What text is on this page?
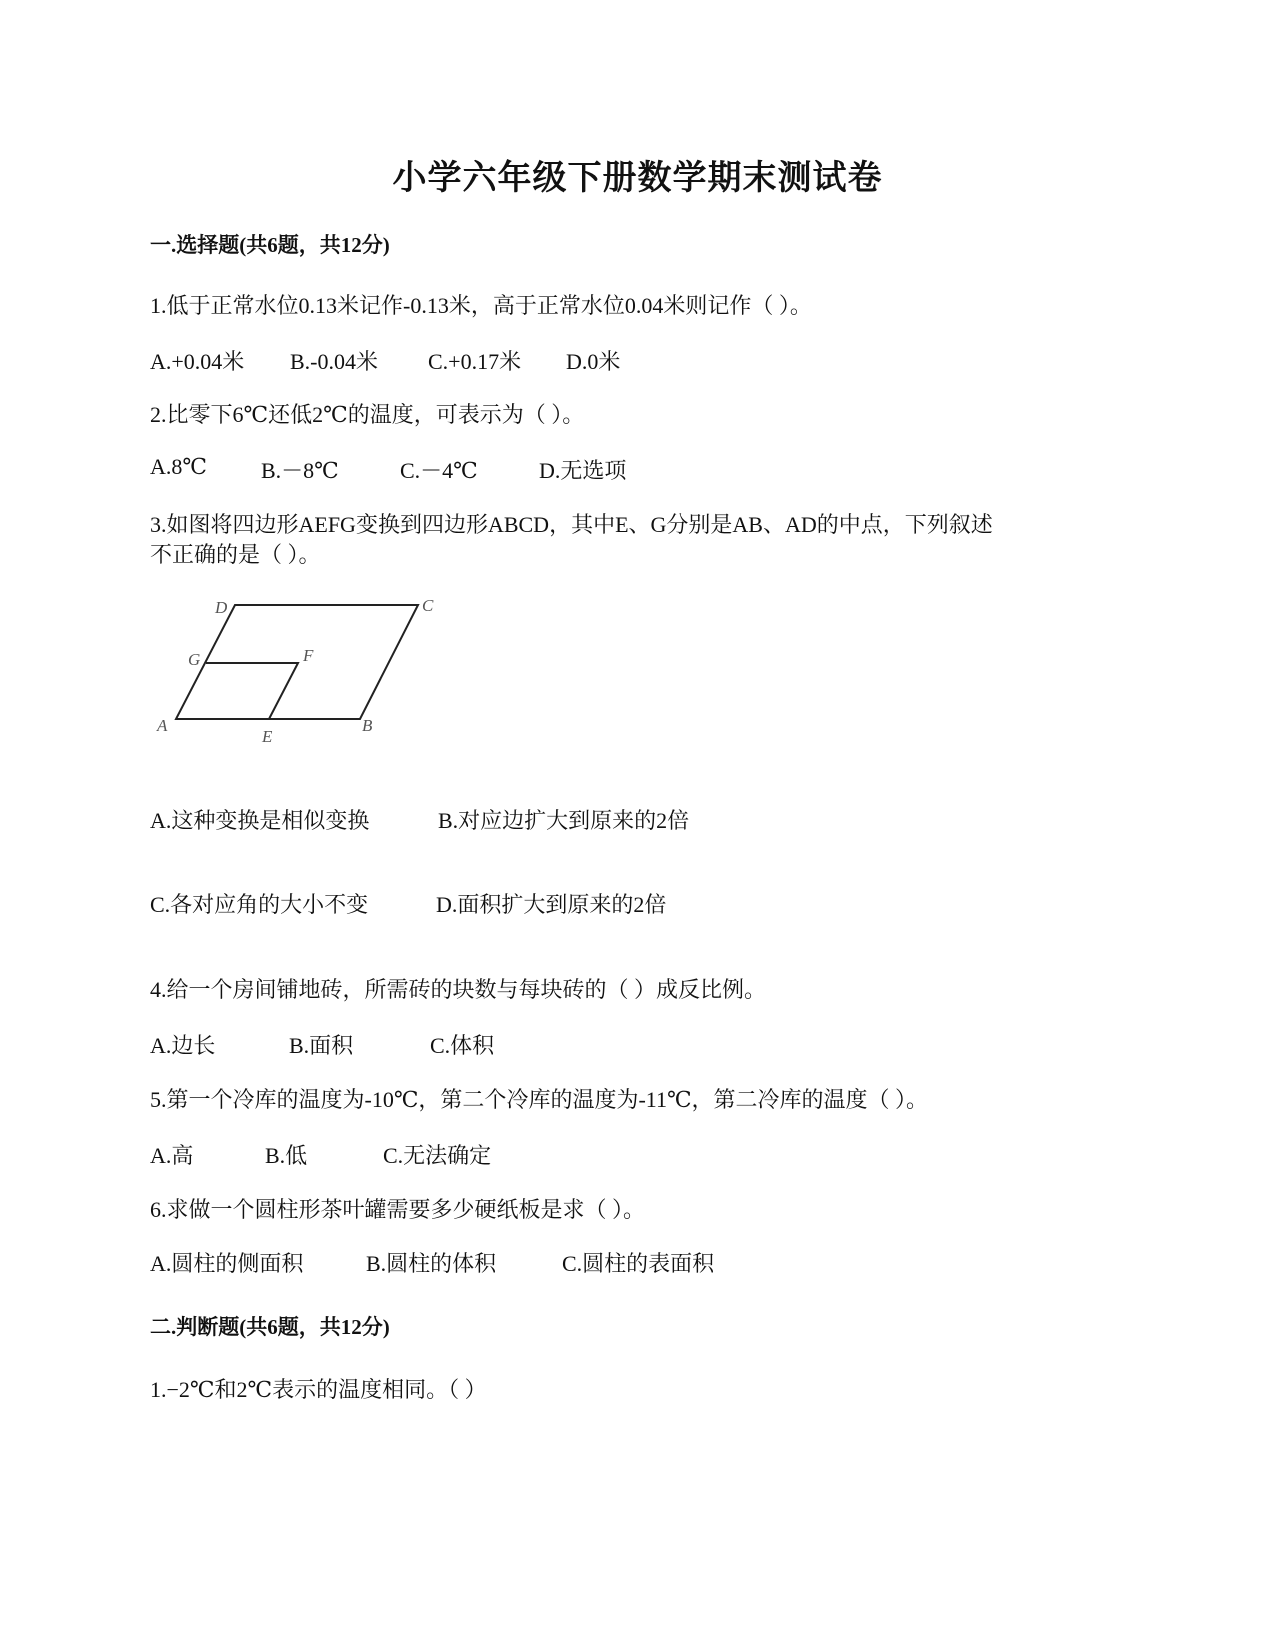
小学六年级下册数学期末测试卷
一.选择题(共6题，共12分)
1.低于正常水位0.13米记作-0.13米，高于正常水位0.04米则记作（ ）。
A.+0.04米 B.-0.04米 C.+0.17米 D.0米
2.比零下6℃还低2℃的温度，可表示为（ ）。
A.8℃ B.－8℃	C.－4℃	D.无选项
3.如图将四边形AEFG变换到四边形ABCD，其中E、G分别是AB、AD的中点，下列叙述
不正确的是（ ）。
D	C
G	F
A	B
E
A.这种变换是相似变换	B.对应边扩大到原来的2倍
C.各对应角的大小不变	D.面积扩大到原来的2倍
4.给一个房间铺地砖，所需砖的块数与每块砖的（ ）成反比例。
A.边长	B.面积	C.体积
5.第一个冷库的温度为-10℃，第二个冷库的温度为-11℃，第二冷库的温度（ ）。
A.高	B.低	C.无法确定
6.求做一个圆柱形茶叶罐需要多少硬纸板是求（ ）。
A.圆柱的侧面积	B.圆柱的体积	C.圆柱的表面积
二.判断题(共6题，共12分)
1.−2℃和2℃表示的温度相同。（ ）
